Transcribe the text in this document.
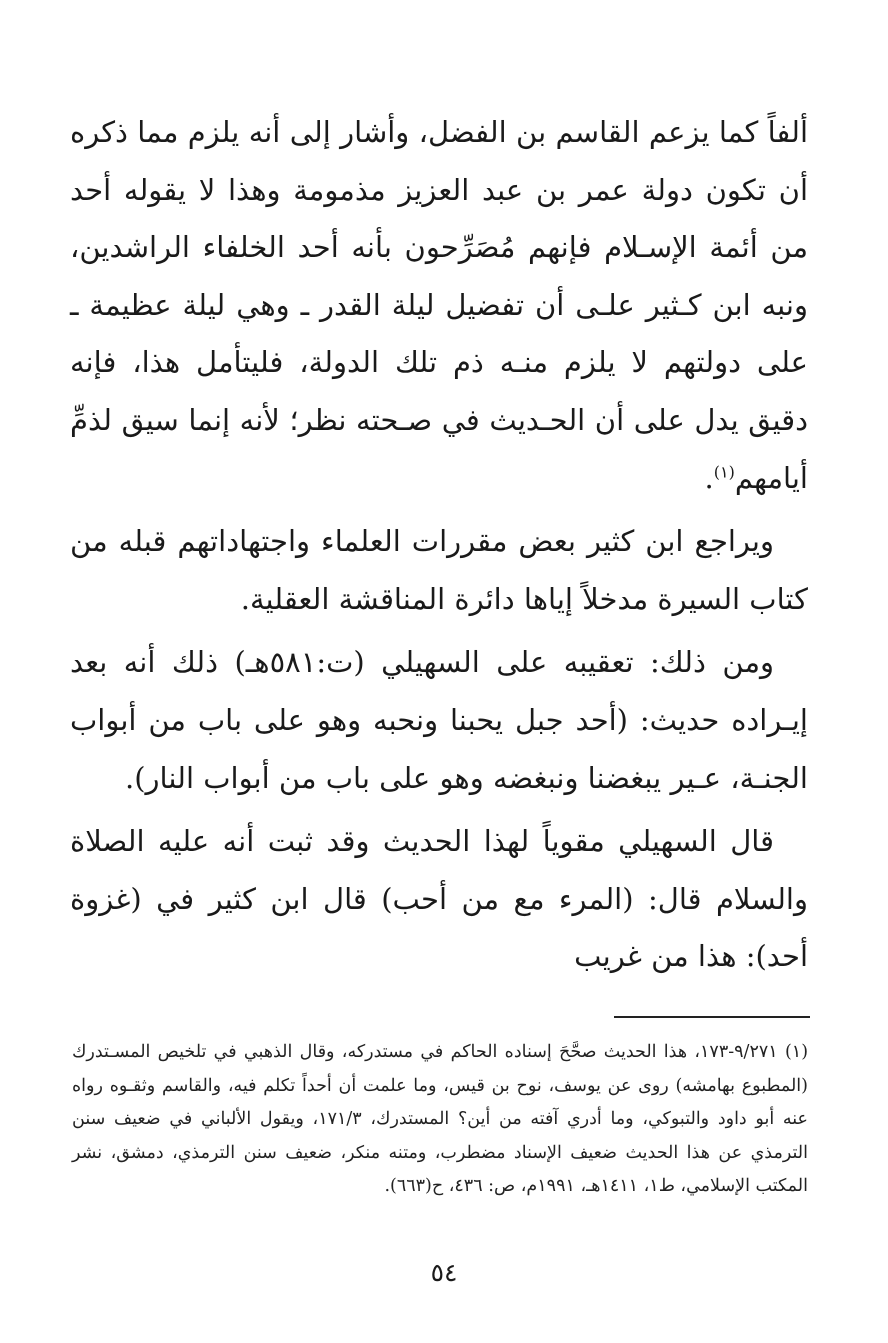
ألفاً كما يزعم القاسم بن الفضل، وأشار إلى أنه يلزم مما ذكره أن تكون دولة عمر بن عبد العزيز مذمومة وهذا لا يقوله أحد من أئمة الإسـلام فإنهم مُصَرِّحون بأنه أحد الخلفاء الراشدين، ونبه ابن كـثير علـى أن تفضيل ليلة القدر ـ وهي ليلة عظيمة ـ على دولتهم لا يلزم منـه ذم تلك الدولة، فليتأمل هذا، فإنه دقيق يدل على أن الحـديث في صـحته نظر؛ لأنه إنما سيق لذمِّ أيامهم$^{(١)}$.

ويراجع ابن كثير بعض مقررات العلماء واجتهاداتهم قبله من كتاب السيرة مدخلاً إياها دائرة المناقشة العقلية.

ومن ذلك: تعقيبه على السهيلي (ت:٥٨١هـ) ذلك أنه بعد إيـراده حديث: (أحد جبل يحبنا ونحبه وهو على باب من أبواب الجنـة، عـير يبغضنا ونبغضه وهو على باب من أبواب النار).

قال السهيلي مقوياً لهذا الحديث وقد ثبت أنه عليه الصلاة والسلام قال: (المرء مع من أحب) قال ابن كثير في (غزوة أحد): هذا من غريب

(١) ٩/٢٧١-١٧٣، هذا الحديث صحَّحَ إسناده الحاكم في مستدركه، وقال الذهبي في تلخيص المسـتدرك (المطبوع بهامشه) روى عن يوسف، نوح بن قيس، وما علمت أن أحداً تكلم فيه، والقاسم وثقـوه رواه عنه أبو داود والتبوكي، وما أدري آفته من أين؟ المستدرك، ١٧١/٣، ويقول الألباني في ضعيف سنن الترمذي عن هذا الحديث ضعيف الإسناد مضطرب، ومتنه منكر، ضعيف سنن الترمذي، دمشق، نشر المكتب الإسلامي، ط١، ١٤١١هـ، ١٩٩١م، ص: ٤٣٦، ح(٦٦٣).

٥٤
